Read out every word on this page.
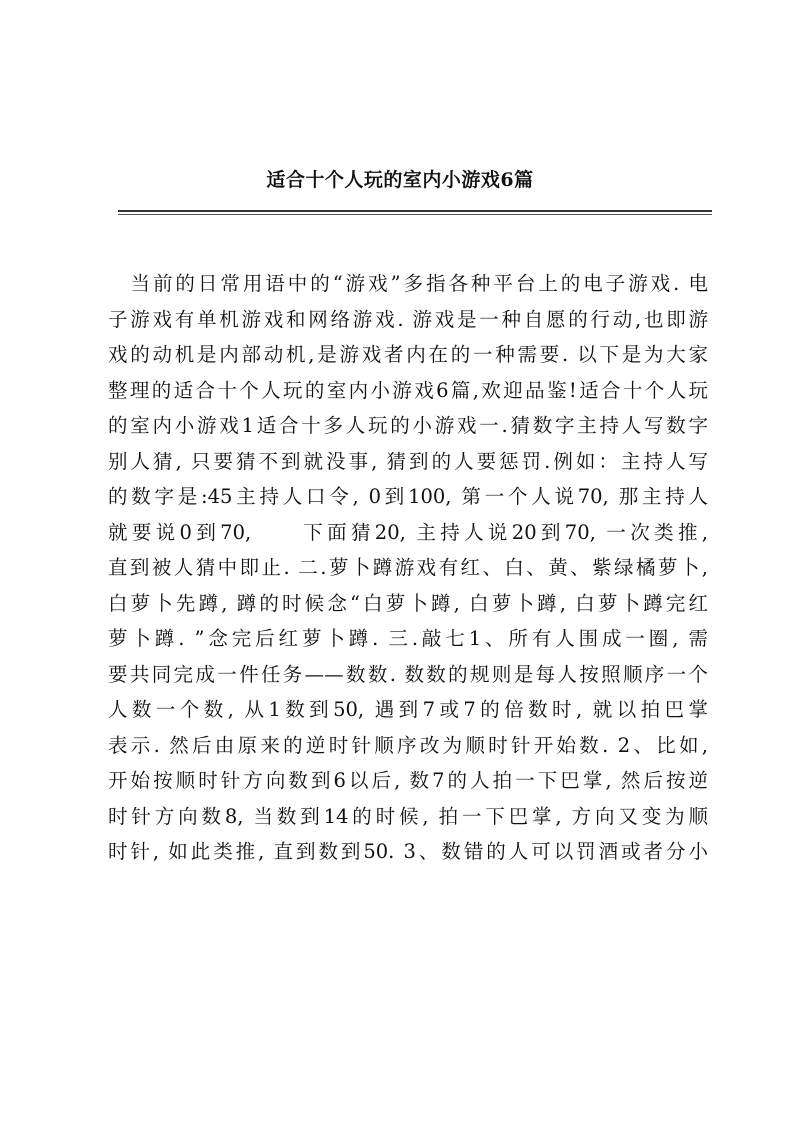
适合十个人玩的室内小游戏6篇
　当前的日常用语中的“游戏”多指各种平台上的电子游戏. 电
子游戏有单机游戏和网络游戏. 游戏是一种自愿的行动,也即游
戏的动机是内部动机,是游戏者内在的一种需要. 以下是为大家
整理的适合十个人玩的室内小游戏6篇,欢迎品鉴!适合十个人玩
的室内小游戏1适合十多人玩的小游戏一.猜数字主持人写数字
别人猜, 只要猜不到就没事, 猜到的人要惩罚.例如：主持人写
的数字是:45主持人口令, 0到100, 第一个人说70, 那主持人
就要说0到70,　　下面猜20, 主持人说20到70, 一次类推,
直到被人猜中即止. 二.萝卜蹲游戏有红、白、黄、紫绿橘萝卜,
白萝卜先蹲, 蹲的时候念“白萝卜蹲, 白萝卜蹲, 白萝卜蹲完红
萝卜蹲. ”念完后红萝卜蹲. 三.敲七1、所有人围成一圈, 需
要共同完成一件任务——数数. 数数的规则是每人按照顺序一个
人数一个数, 从1数到50, 遇到7或7的倍数时, 就以拍巴掌
表示. 然后由原来的逆时针顺序改为顺时针开始数. 2、比如,
开始按顺时针方向数到6以后, 数7的人拍一下巴掌, 然后按逆
时针方向数8, 当数到14的时候, 拍一下巴掌, 方向又变为顺
时针, 如此类推, 直到数到50. 3、数错的人可以罚酒或者分小
